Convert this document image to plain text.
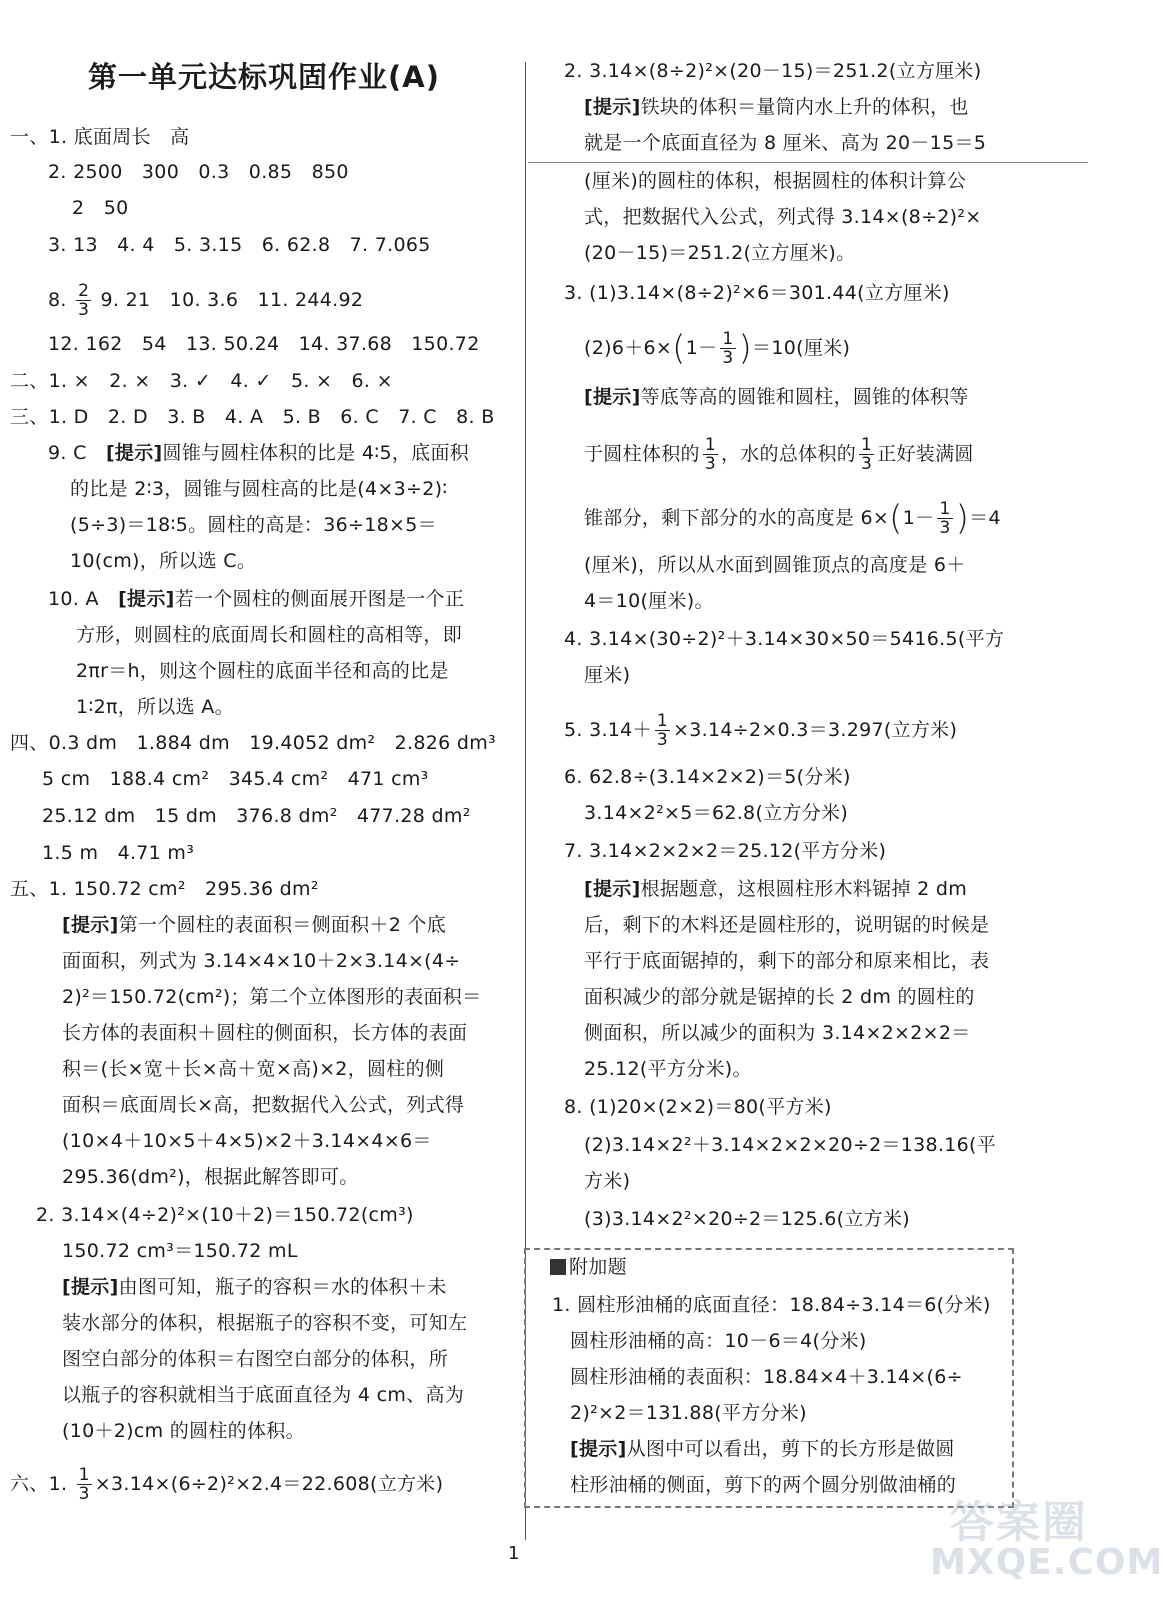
第一单元达标巩固作业(A)
一、1. 底面周长　高
2. 2500　300　0.3　0.85　850
2　50
3. 13　4. 4　5. 3.15　6. 62.8　7. 7.065
8. $\frac{2}{3} 9$. 21　10. 3.6　11. 244.92
12. 162　54　13. 50.24　14. 37.68　150.72
二、1. ×　2. ×　3. ✓　4. ✓　5. ×　6. ×
三、1. D　2. D　3. B　4. A　5. B　6. C　7. C　8. B
9. C　[提示]圆锥与圆柱体积的比是 4∶5，底面积
的比是 2∶3，圆锥与圆柱高的比是(4×3÷2)∶
(5÷3)＝18∶5。圆柱的高是：36÷18×5＝
10(cm)，所以选 C。
10. A　[提示]若一个圆柱的侧面展开图是一个正
方形，则圆柱的底面周长和圆柱的高相等，即
2πr＝h，则这个圆柱的底面半径和高的比是
1∶2π，所以选 A。
四、0.3 dm　1.884 dm　19.4052 dm²　2.826 dm³
5 cm　188.4 cm²　345.4 cm²　471 cm³
25.12 dm　15 dm　376.8 dm²　477.28 dm²
1.5 m　4.71 m³
五、1. 150.72 cm²　295.36 dm²
[提示]第一个圆柱的表面积＝侧面积＋2 个底
面面积，列式为 3.14×4×10＋2×3.14×(4÷
2)²＝150.72(cm²)；第二个立体图形的表面积＝
长方体的表面积＋圆柱的侧面积，长方体的表面
积＝(长×宽＋长×高＋宽×高)×2，圆柱的侧
面积＝底面周长×高，把数据代入公式，列式得
(10×4＋10×5＋4×5)×2＋3.14×4×6＝
295.36(dm²)，根据此解答即可。
2. 3.14×(4÷2)²×(10＋2)＝150.72(cm³)
150.72 cm³＝150.72 mL
[提示]由图可知，瓶子的容积＝水的体积＋未
装水部分的体积，根据瓶子的容积不变，可知左
图空白部分的体积＝右图空白部分的体积，所
以瓶子的容积就相当于底面直径为 4 cm、高为
(10＋2)cm 的圆柱的体积。
六、1. $\frac{1}{3} \times 3.14\times(6\div 2)^2\times 2.4=22.608$(立方米)
2. 3.14×(8÷2)²×(20－15)＝251.2(立方厘米)
[提示]铁块的体积＝量筒内水上升的体积，也
就是一个底面直径为 8 厘米、高为 20－15＝5
(厘米)的圆柱的体积，根据圆柱的体积计算公
式，把数据代入公式，列式得 3.14×(8÷2)²×
(20－15)＝251.2(立方厘米)。
3. (1)3.14×(8÷2)²×6＝301.44(立方厘米)
$(2)6+6\times(1- \frac{1}{3} )=10$(厘米)
[提示]等底等高的圆锥和圆柱，圆锥的体积等
于圆柱体积的 $\frac{1}{3}$ ，水的总体积的 $\frac{1}{3}$ 正好装满圆
锥部分，剩下部分的水的高度是 $6\times(1- \frac{1}{3} )=4$
(厘米)，所以从水面到圆锥顶点的高度是 6＋
4＝10(厘米)。
4. 3.14×(30÷2)²＋3.14×30×50＝5416.5(平方
厘米)
5. $3.14+ \frac{1}{3} \times 3.14\div 2\times 0.3=3.297$(立方米)
6. 62.8÷(3.14×2×2)＝5(分米)
3.14×2²×5＝62.8(立方分米)
7. 3.14×2×2×2＝25.12(平方分米)
[提示]根据题意，这根圆柱形木料锯掉 2 dm
后，剩下的木料还是圆柱形的，说明锯的时候是
平行于底面锯掉的，剩下的部分和原来相比，表
面积减少的部分就是锯掉的长 2 dm 的圆柱的
侧面积，所以减少的面积为 3.14×2×2×2＝
25.12(平方分米)。
8. (1)20×(2×2)＝80(平方米)
(2)3.14×2²＋3.14×2×2×20÷2＝138.16(平
方米)
(3)3.14×2²×20÷2＝125.6(立方米)
附加题
1. 圆柱形油桶的底面直径：18.84÷3.14＝6(分米)
圆柱形油桶的高：10－6＝4(分米)
圆柱形油桶的表面积：18.84×4＋3.14×(6÷
2)²×2＝131.88(平方分米)
[提示]从图中可以看出，剪下的长方形是做圆
柱形油桶的侧面，剪下的两个圆分别做油桶的
1
答案圈
MXQE.COM
